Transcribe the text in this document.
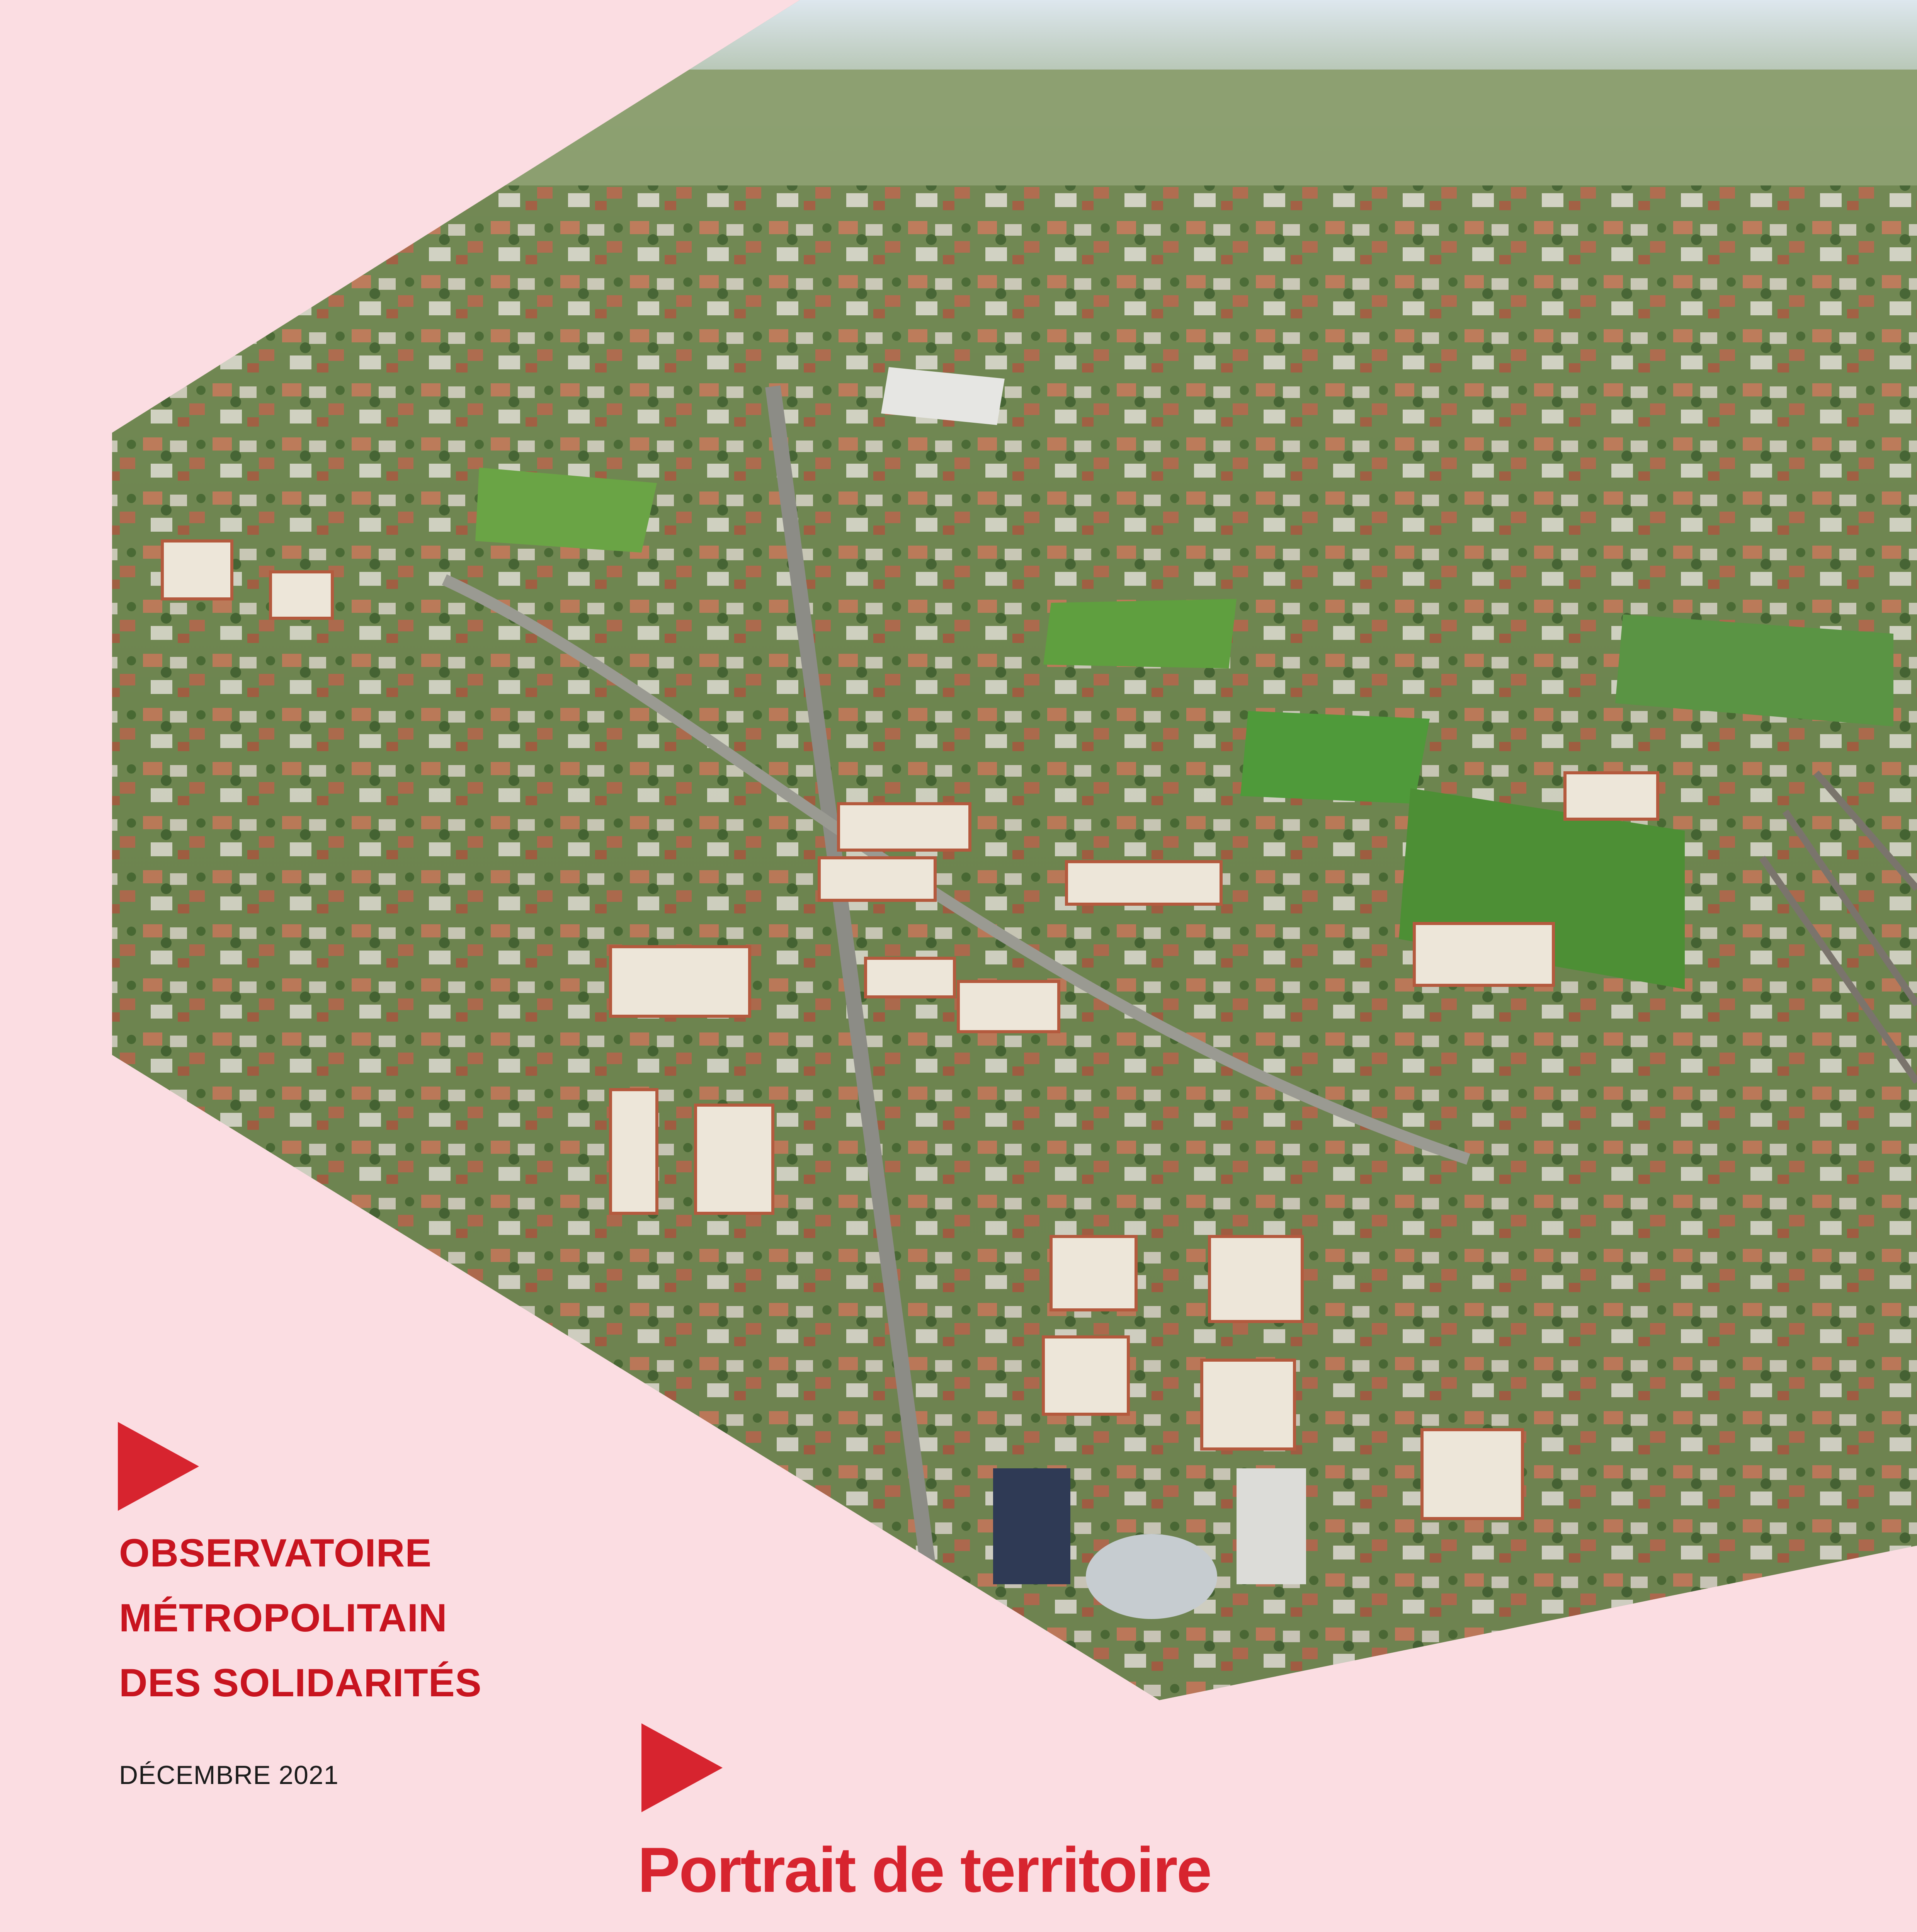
OBSERVATOIRE
MÉTROPOLITAIN
DES SOLIDARITÉS
DÉCEMBRE 2021
Portrait de territoire
